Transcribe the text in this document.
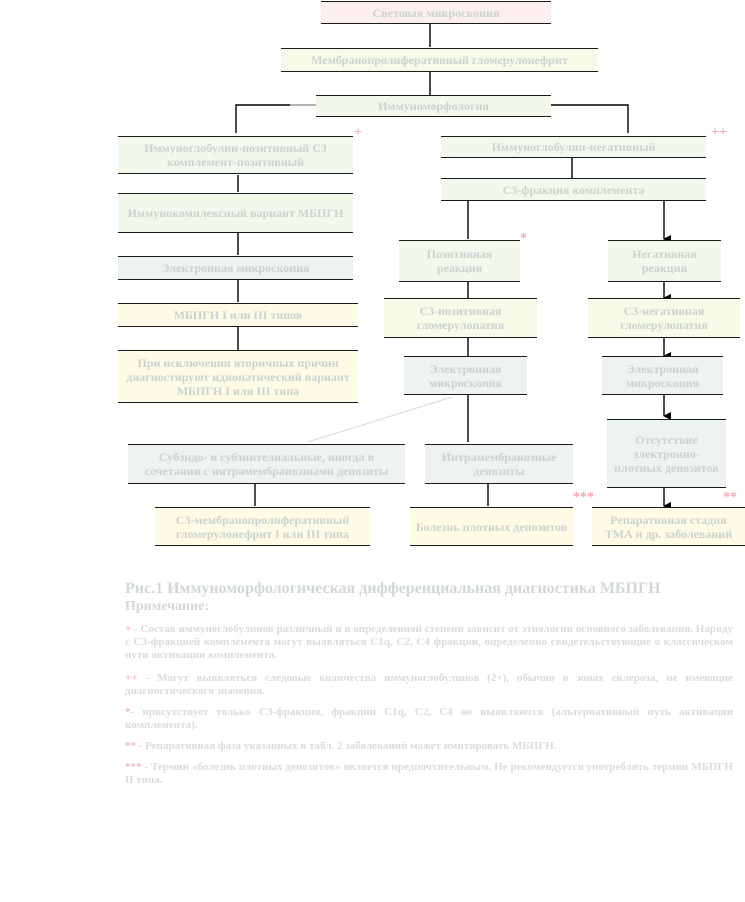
Световая микроскопия
Мембранопролиферативный гломерулонефрит
Иммуноморфология
Иммуноглобулин-позитивный С3 комплемент-позитивный
Иммуноглобулин-негативный
С3-фракция комплемента
Иммунокомплексный вариант МБПГН
Позитивная реакция
Негативная реакция
Электронная микроскопия
С3-позитивная гломерулопатия
С3-негативная гломерулопатия
МБПГН I или III типов
При исключении вторичных причин диагностируют идиопатический вариант МБПГН I или III типа
Электронная микроскопия
Электронная микроскопия
Отсутствие электронно-плотных депозитов
Субэндо- и субэпителиальные, иногда в сочетании с интрамембранозными депозиты
Интрамембранозные депозиты
С3-мембранопролиферативный гломерулонефрит I или III типа	Болезнь плотных депозитов	Репаративная стадия ТМА и др. заболеваний
+	++
*
***	**
Рис.1 Иммуноморфологическая дифференциальная диагностика МБПГН
Примечание:
+ - Состав иммуноглобулинов различный и в определенной степени зависит от этиологии основного заболевания. Наряду с С3-фракцией комплемента могут выявляться С1q, C2, C4 фракции, определенно свидетельствующие о классическом пути активации комплемента.
++ - Могут выявляться следовые количества иммуноглобулинов (2+), обычно в зонах склероза, не имеющие диагностического значения.
*- присутствует только С3-фракция, фракции С1q, C2, C4 не выявляются (альтернативный путь активации комплемента).
** - Репаративная фаза указанных в табл. 2 заболеваний может имитировать МБПГН.
*** - Термин «болезнь плотных депозитов» является предпочтительным. Не рекомендуется употреблять термин МБПГН II типа.
